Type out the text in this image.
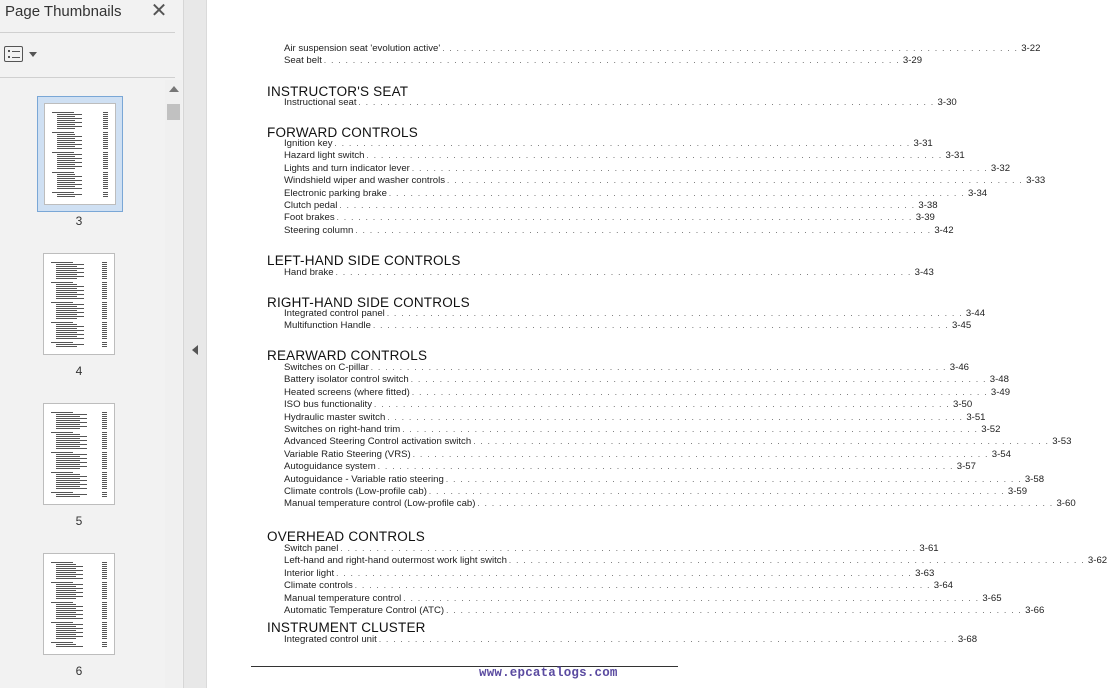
Page Thumbnails ✕
3
4
5
6	www.epcatalogs.com
Air suspension seat 'evolution active' . . . . . . . . . . . . . . . . . . . . . . . . . . . . . . . . . . . . . . . . . . . . . . . . . . . . . . . . . . . . . . . . . . . . . . . . . . . . . . . . 3-22
Seat belt . . . . . . . . . . . . . . . . . . . . . . . . . . . . . . . . . . . . . . . . . . . . . . . . . . . . . . . . . . . . . . . . . . . . . . . . . . . . . . . . 3-29
INSTRUCTOR'S SEAT
Instructional seat . . . . . . . . . . . . . . . . . . . . . . . . . . . . . . . . . . . . . . . . . . . . . . . . . . . . . . . . . . . . . . . . . . . . . . . . . . . . . . . . 3-30
FORWARD CONTROLS
Ignition key . . . . . . . . . . . . . . . . . . . . . . . . . . . . . . . . . . . . . . . . . . . . . . . . . . . . . . . . . . . . . . . . . . . . . . . . . . . . . . . . 3-31
Hazard light switch . . . . . . . . . . . . . . . . . . . . . . . . . . . . . . . . . . . . . . . . . . . . . . . . . . . . . . . . . . . . . . . . . . . . . . . . . . . . . . . . 3-31
Lights and turn indicator lever . . . . . . . . . . . . . . . . . . . . . . . . . . . . . . . . . . . . . . . . . . . . . . . . . . . . . . . . . . . . . . . . . . . . . . . . . . . . . . . . 3-32
Windshield wiper and washer controls . . . . . . . . . . . . . . . . . . . . . . . . . . . . . . . . . . . . . . . . . . . . . . . . . . . . . . . . . . . . . . . . . . . . . . . . . . . . . . . . 3-33
Electronic parking brake . . . . . . . . . . . . . . . . . . . . . . . . . . . . . . . . . . . . . . . . . . . . . . . . . . . . . . . . . . . . . . . . . . . . . . . . . . . . . . . . 3-34
Clutch pedal . . . . . . . . . . . . . . . . . . . . . . . . . . . . . . . . . . . . . . . . . . . . . . . . . . . . . . . . . . . . . . . . . . . . . . . . . . . . . . . . 3-38
Foot brakes . . . . . . . . . . . . . . . . . . . . . . . . . . . . . . . . . . . . . . . . . . . . . . . . . . . . . . . . . . . . . . . . . . . . . . . . . . . . . . . . 3-39
Steering column . . . . . . . . . . . . . . . . . . . . . . . . . . . . . . . . . . . . . . . . . . . . . . . . . . . . . . . . . . . . . . . . . . . . . . . . . . . . . . . . 3-42
LEFT-HAND SIDE CONTROLS
Hand brake . . . . . . . . . . . . . . . . . . . . . . . . . . . . . . . . . . . . . . . . . . . . . . . . . . . . . . . . . . . . . . . . . . . . . . . . . . . . . . . . 3-43
RIGHT-HAND SIDE CONTROLS
Integrated control panel . . . . . . . . . . . . . . . . . . . . . . . . . . . . . . . . . . . . . . . . . . . . . . . . . . . . . . . . . . . . . . . . . . . . . . . . . . . . . . . . 3-44
Multifunction Handle . . . . . . . . . . . . . . . . . . . . . . . . . . . . . . . . . . . . . . . . . . . . . . . . . . . . . . . . . . . . . . . . . . . . . . . . . . . . . . . . 3-45
REARWARD CONTROLS
Switches on C-pillar . . . . . . . . . . . . . . . . . . . . . . . . . . . . . . . . . . . . . . . . . . . . . . . . . . . . . . . . . . . . . . . . . . . . . . . . . . . . . . . . 3-46
Battery isolator control switch . . . . . . . . . . . . . . . . . . . . . . . . . . . . . . . . . . . . . . . . . . . . . . . . . . . . . . . . . . . . . . . . . . . . . . . . . . . . . . . . 3-48
Heated screens (where fitted) . . . . . . . . . . . . . . . . . . . . . . . . . . . . . . . . . . . . . . . . . . . . . . . . . . . . . . . . . . . . . . . . . . . . . . . . . . . . . . . . 3-49
ISO bus functionality . . . . . . . . . . . . . . . . . . . . . . . . . . . . . . . . . . . . . . . . . . . . . . . . . . . . . . . . . . . . . . . . . . . . . . . . . . . . . . . . 3-50
Hydraulic master switch . . . . . . . . . . . . . . . . . . . . . . . . . . . . . . . . . . . . . . . . . . . . . . . . . . . . . . . . . . . . . . . . . . . . . . . . . . . . . . . . 3-51
Switches on right-hand trim . . . . . . . . . . . . . . . . . . . . . . . . . . . . . . . . . . . . . . . . . . . . . . . . . . . . . . . . . . . . . . . . . . . . . . . . . . . . . . . . 3-52
Advanced Steering Control activation switch . . . . . . . . . . . . . . . . . . . . . . . . . . . . . . . . . . . . . . . . . . . . . . . . . . . . . . . . . . . . . . . . . . . . . . . . . . . . . . . . 3-53
Variable Ratio Steering (VRS) . . . . . . . . . . . . . . . . . . . . . . . . . . . . . . . . . . . . . . . . . . . . . . . . . . . . . . . . . . . . . . . . . . . . . . . . . . . . . . . . 3-54
Autoguidance system . . . . . . . . . . . . . . . . . . . . . . . . . . . . . . . . . . . . . . . . . . . . . . . . . . . . . . . . . . . . . . . . . . . . . . . . . . . . . . . . 3-57
Autoguidance - Variable ratio steering . . . . . . . . . . . . . . . . . . . . . . . . . . . . . . . . . . . . . . . . . . . . . . . . . . . . . . . . . . . . . . . . . . . . . . . . . . . . . . . . 3-58
Climate controls (Low-profile cab) . . . . . . . . . . . . . . . . . . . . . . . . . . . . . . . . . . . . . . . . . . . . . . . . . . . . . . . . . . . . . . . . . . . . . . . . . . . . . . . . 3-59
Manual temperature control (Low-profile cab) . . . . . . . . . . . . . . . . . . . . . . . . . . . . . . . . . . . . . . . . . . . . . . . . . . . . . . . . . . . . . . . . . . . . . . . . . . . . . . . . 3-60
OVERHEAD CONTROLS
Switch panel . . . . . . . . . . . . . . . . . . . . . . . . . . . . . . . . . . . . . . . . . . . . . . . . . . . . . . . . . . . . . . . . . . . . . . . . . . . . . . . . 3-61
Left-hand and right-hand outermost work light switch . . . . . . . . . . . . . . . . . . . . . . . . . . . . . . . . . . . . . . . . . . . . . . . . . . . . . . . . . . . . . . . . . . . . . . . . . . . . . . . . 3-62
Interior light . . . . . . . . . . . . . . . . . . . . . . . . . . . . . . . . . . . . . . . . . . . . . . . . . . . . . . . . . . . . . . . . . . . . . . . . . . . . . . . . 3-63
Climate controls . . . . . . . . . . . . . . . . . . . . . . . . . . . . . . . . . . . . . . . . . . . . . . . . . . . . . . . . . . . . . . . . . . . . . . . . . . . . . . . . 3-64
Manual temperature control . . . . . . . . . . . . . . . . . . . . . . . . . . . . . . . . . . . . . . . . . . . . . . . . . . . . . . . . . . . . . . . . . . . . . . . . . . . . . . . . 3-65
Automatic Temperature Control (ATC) . . . . . . . . . . . . . . . . . . . . . . . . . . . . . . . . . . . . . . . . . . . . . . . . . . . . . . . . . . . . . . . . . . . . . . . . . . . . . . . . 3-66
INSTRUMENT CLUSTER
Integrated control unit . . . . . . . . . . . . . . . . . . . . . . . . . . . . . . . . . . . . . . . . . . . . . . . . . . . . . . . . . . . . . . . . . . . . . . . . . . . . . . . . 3-68
